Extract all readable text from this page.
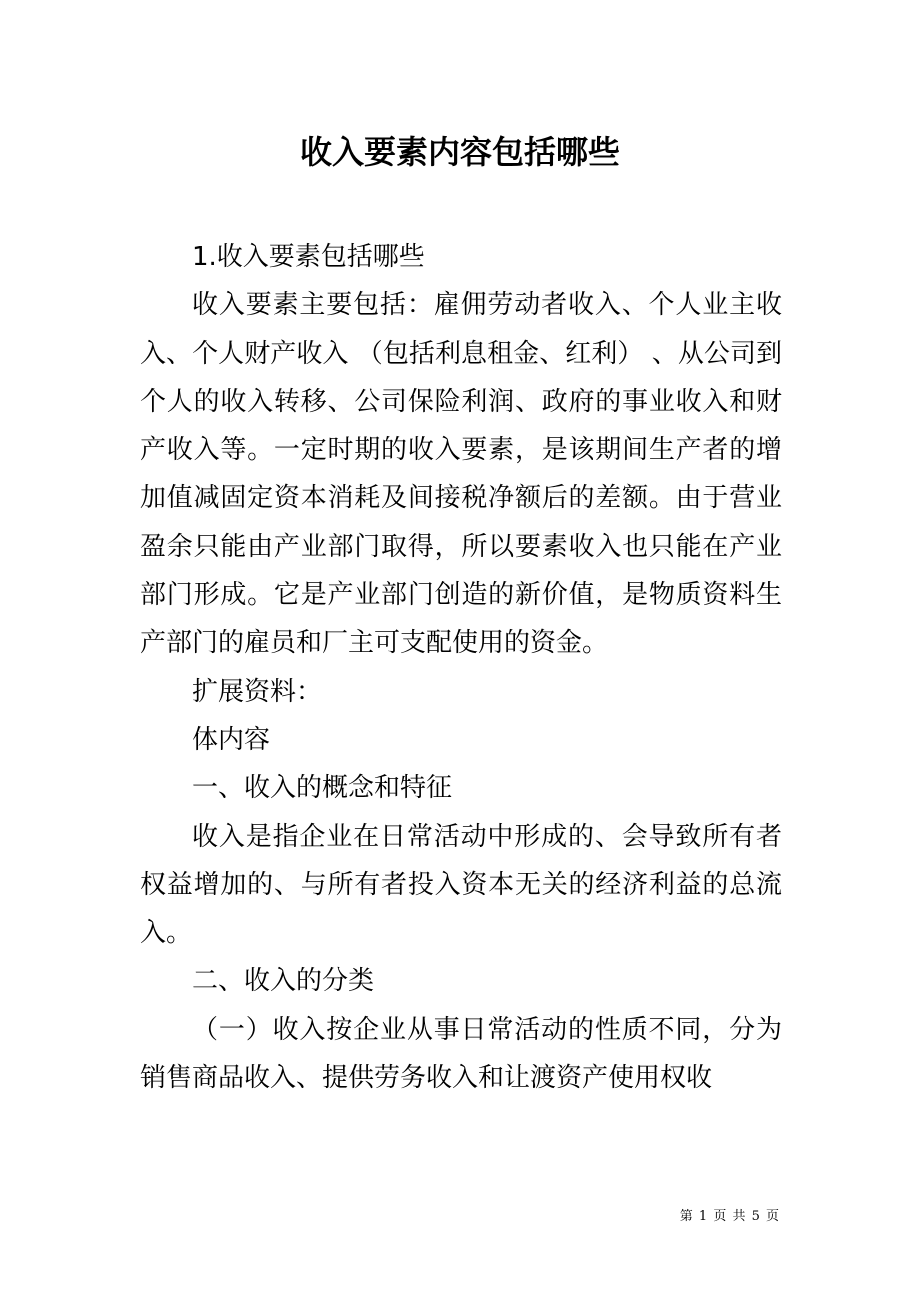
收入要素内容包括哪些

1.收入要素包括哪些

收入要素主要包括：雇佣劳动者收入、个人业主收入、个人财产收入 （包括利息租金、红利） 、从公司到个人的收入转移、公司保险利润、政府的事业收入和财产收入等。一定时期的收入要素，是该期间生产者的增加值减固定资本消耗及间接税净额后的差额。由于营业盈余只能由产业部门取得，所以要素收入也只能在产业部门形成。它是产业部门创造的新价值，是物质资料生产部门的雇员和厂主可支配使用的资金。

扩展资料：

体内容

一、收入的概念和特征

收入是指企业在日常活动中形成的、会导致所有者权益增加的、与所有者投入资本无关的经济利益的总流入。

二、收入的分类

（一）收入按企业从事日常活动的性质不同，分为销售商品收入、提供劳务收入和让渡资产使用权收

第 1 页 共 5 页
